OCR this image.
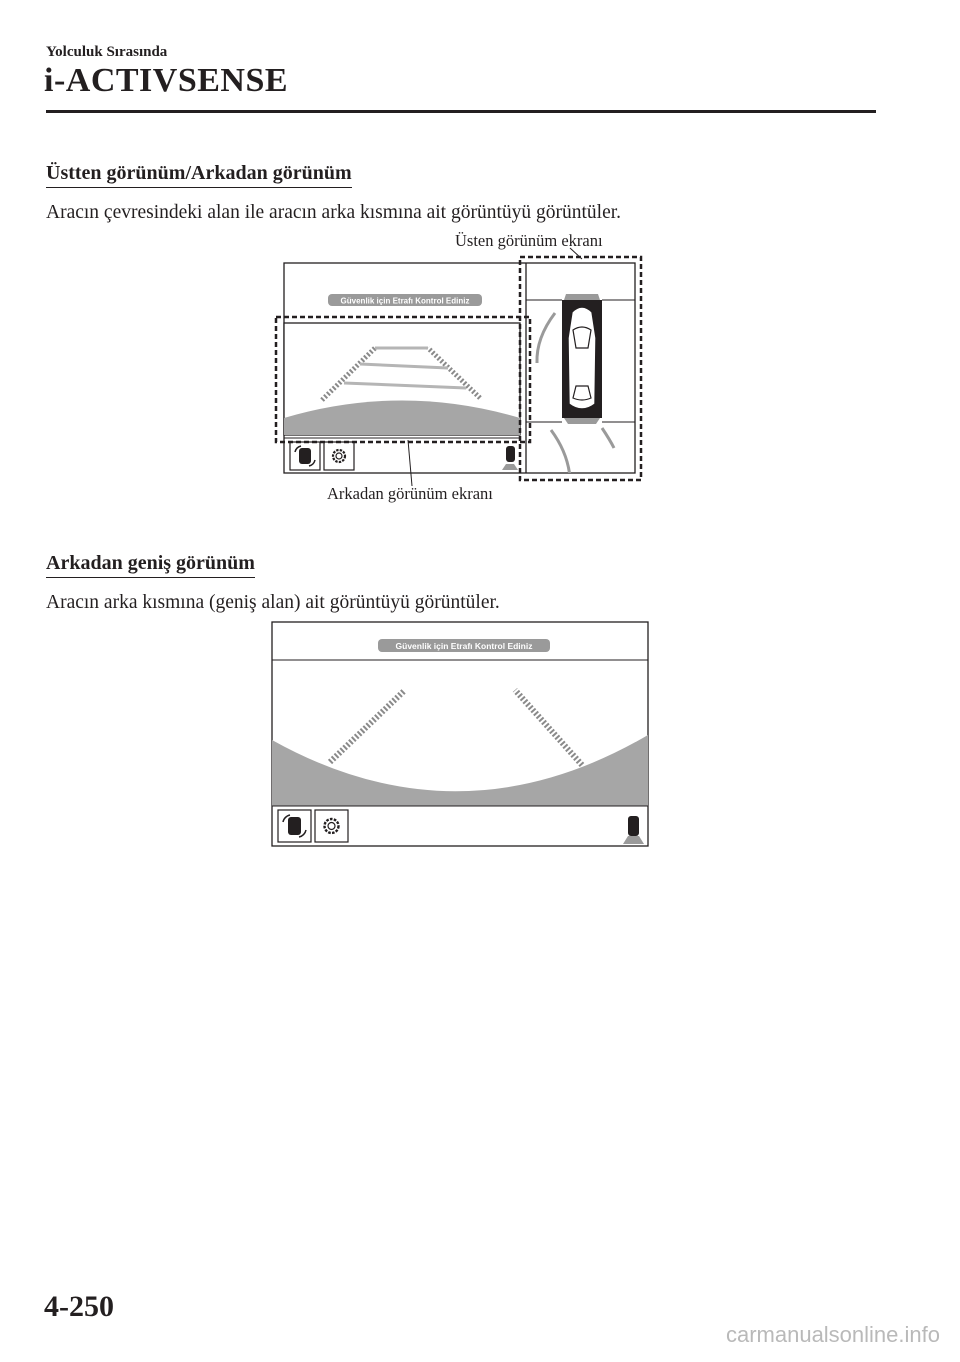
Yolculuk Sırasında
i-ACTIVSENSE
Üstten görünüm/Arkadan görünüm
Aracın çevresindeki alan ile aracın arka kısmına ait görüntüyü görüntüler.
Güvenlik için Etrafı Kontrol Ediniz
Üsten görünüm ekranı
Arkadan görünüm ekranı
Arkadan geniş görünüm
Aracın arka kısmına (geniş alan) ait görüntüyü görüntüler.
Güvenlik için Etrafı Kontrol Ediniz
4-250
carmanualsonline.info
